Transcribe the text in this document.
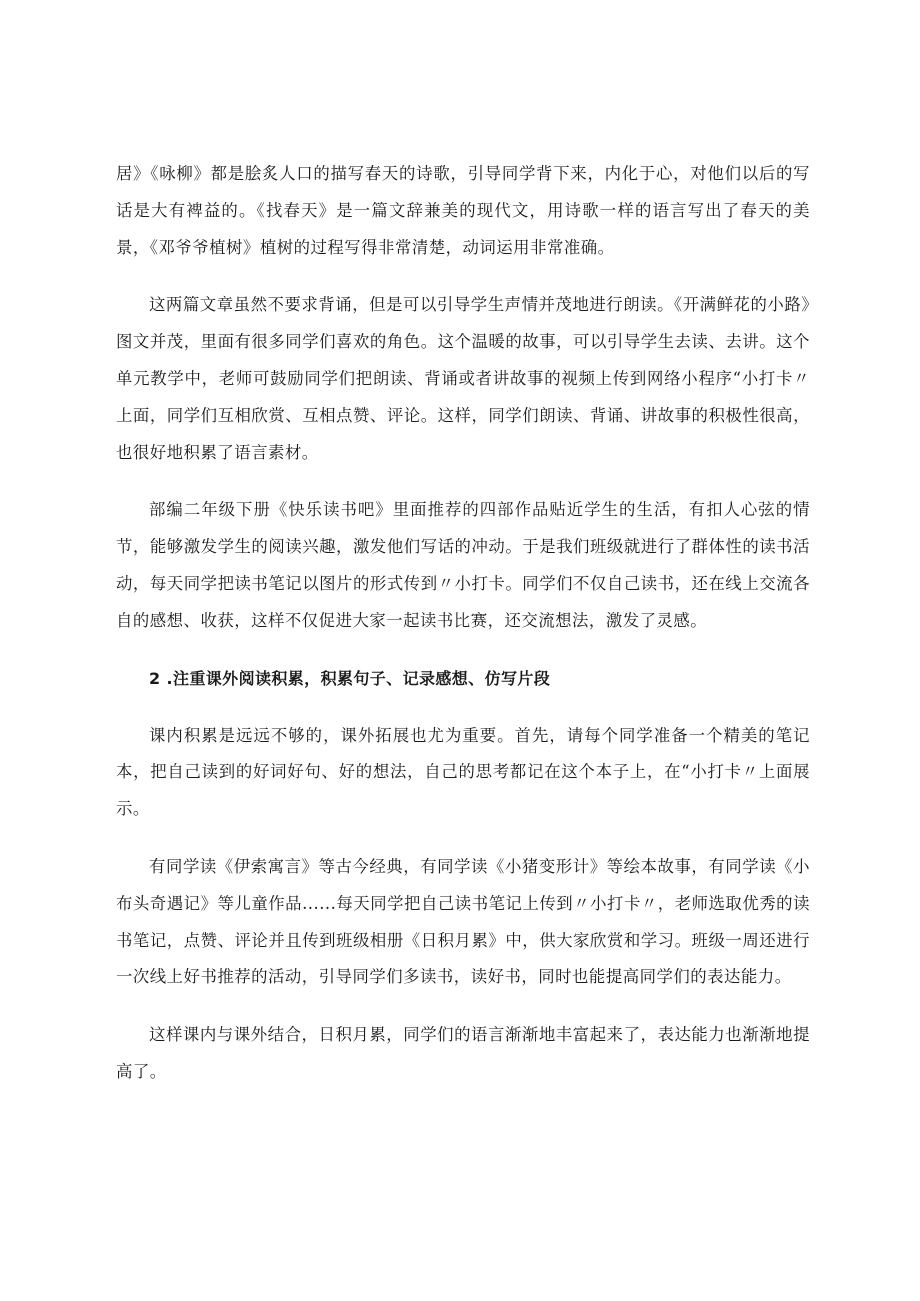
居》《咏柳》都是脍炙人口的描写春天的诗歌，引导同学背下来，内化于心，对他们以后的写话是大有裨益的。《找春天》是一篇文辞兼美的现代文，用诗歌一样的语言写出了春天的美景，《邓爷爷植树》植树的过程写得非常清楚，动词运用非常准确。

这两篇文章虽然不要求背诵，但是可以引导学生声情并茂地进行朗读。《开满鲜花的小路》图文并茂，里面有很多同学们喜欢的角色。这个温暖的故事，可以引导学生去读、去讲。这个单元教学中，老师可鼓励同学们把朗读、背诵或者讲故事的视频上传到网络小程序“小打卡〃上面，同学们互相欣赏、互相点赞、评论。这样，同学们朗读、背诵、讲故事的积极性很高，也很好地积累了语言素材。

部编二年级下册《快乐读书吧》里面推荐的四部作品贴近学生的生活，有扣人心弦的情节，能够激发学生的阅读兴趣，激发他们写话的冲动。于是我们班级就进行了群体性的读书活动，每天同学把读书笔记以图片的形式传到〃小打卡。同学们不仅自己读书，还在线上交流各自的感想、收获，这样不仅促进大家一起读书比赛，还交流想法，激发了灵感。

2 .注重课外阅读积累，积累句子、记录感想、仿写片段

课内积累是远远不够的，课外拓展也尤为重要。首先，请每个同学准备一个精美的笔记本，把自己读到的好词好句、好的想法，自己的思考都记在这个本子上，在“小打卡〃上面展示。

有同学读《伊索寓言》等古今经典，有同学读《小猪变形计》等绘本故事，有同学读《小布头奇遇记》等儿童作品......每天同学把自己读书笔记上传到〃小打卡〃，老师选取优秀的读书笔记，点赞、评论并且传到班级相册《日积月累》中，供大家欣赏和学习。班级一周还进行一次线上好书推荐的活动，引导同学们多读书，读好书，同时也能提高同学们的表达能力。

这样课内与课外结合，日积月累，同学们的语言渐渐地丰富起来了，表达能力也渐渐地提高了。
